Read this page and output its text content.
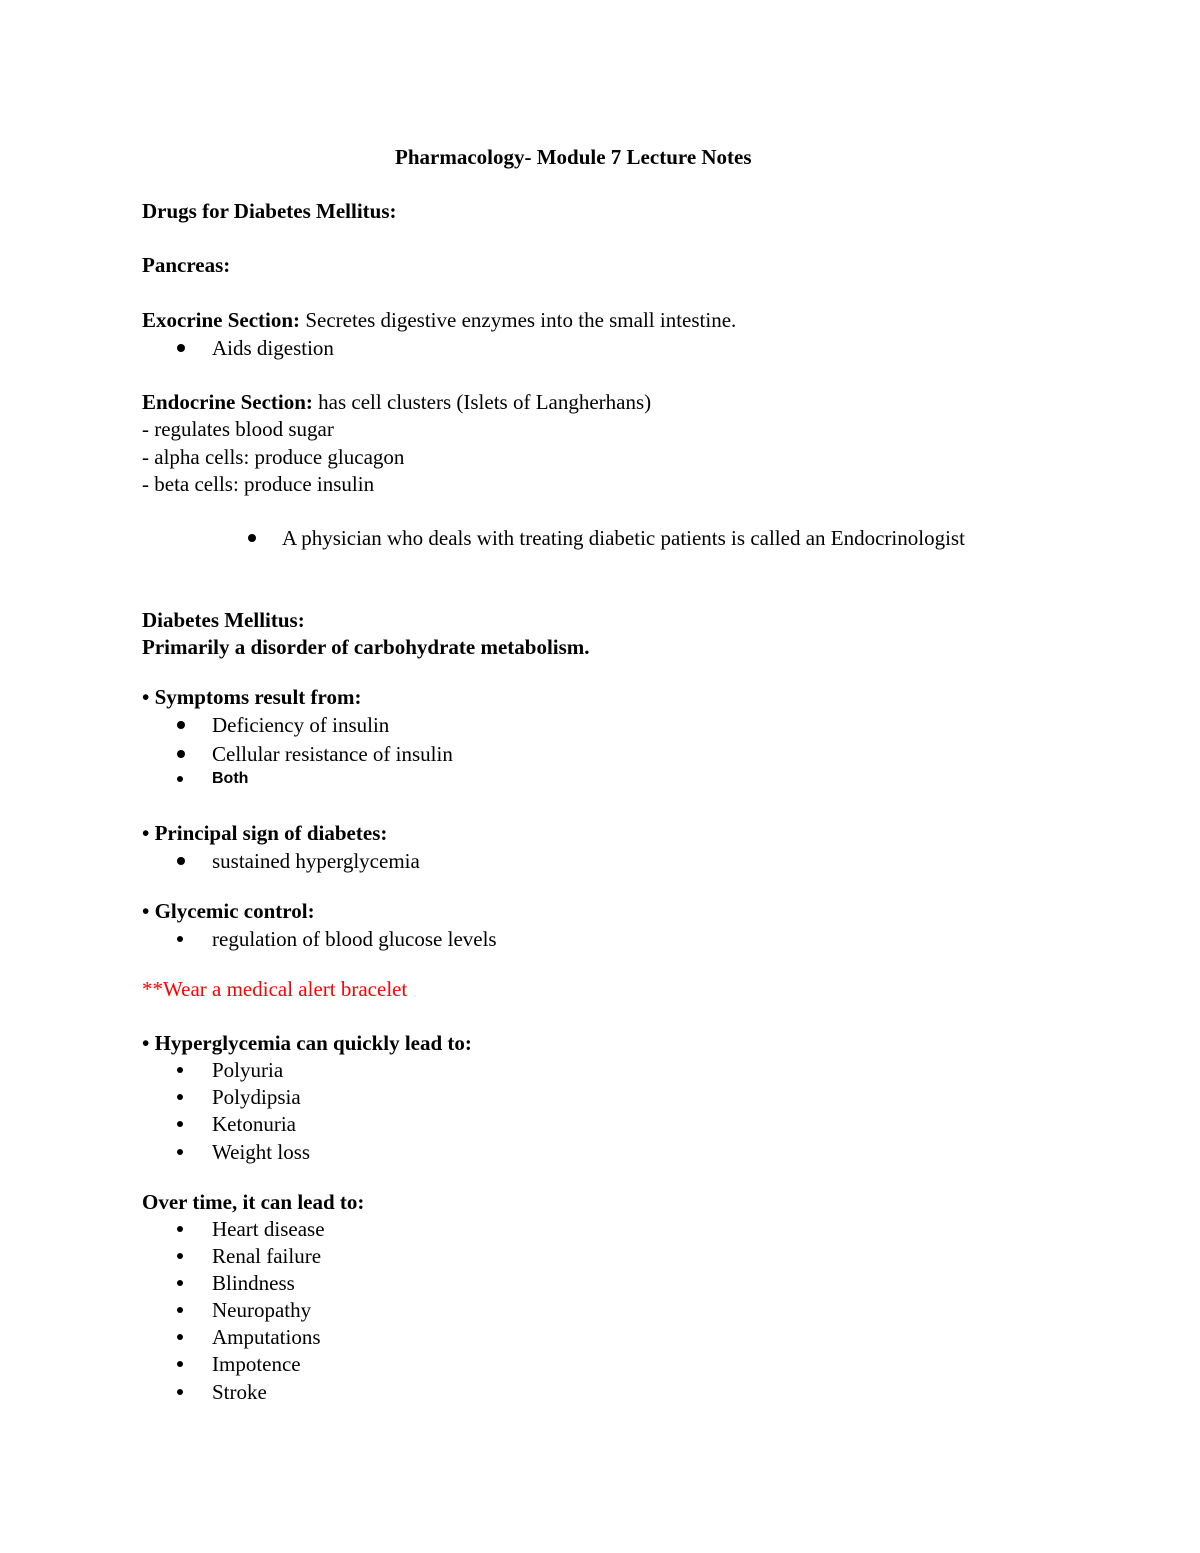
Pharmacology- Module 7 Lecture Notes
Drugs for Diabetes Mellitus:
Pancreas:
Exocrine Section: Secretes digestive enzymes into the small intestine.
Aids digestion
Endocrine Section: has cell clusters (Islets of Langherhans)
- regulates blood sugar
- alpha cells: produce glucagon
- beta cells: produce insulin
A physician who deals with treating diabetic patients is called an Endocrinologist
Diabetes Mellitus:
Primarily a disorder of carbohydrate metabolism.
• Symptoms result from:
Deficiency of insulin
Cellular resistance of insulin
Both
• Principal sign of diabetes:
sustained hyperglycemia
• Glycemic control:
regulation of blood glucose levels
**Wear a medical alert bracelet
• Hyperglycemia can quickly lead to:
Polyuria
Polydipsia
Ketonuria
Weight loss
Over time, it can lead to:
Heart disease
Renal failure
Blindness
Neuropathy
Amputations
Impotence
Stroke
